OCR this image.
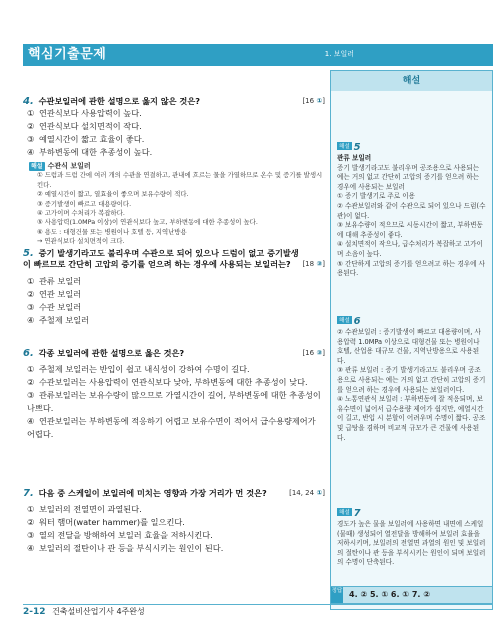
핵심기출문제	1. 보일러
4. 수관보일러에 관한 설명으로 옳지 않은 것은?	[16 ①]
① 연관식보다 사용압력이 높다.
② 연관식보다 설치면적이 작다.
③ 예열시간이 짧고 효율이 좋다.
④ 부하변동에 대한 추종성이 높다.
해설 수관식 보일러
① 드럼과 드럼 간에 여러 개의 수관을 연결하고, 관내에 흐르는 물을 가열하므로 온수 및 증기를 발생시킨다.
② 예열시간이 짧고, 열효율이 좋으며 보유수량이 적다.
③ 증기발생이 빠르고 대용량이다.
④ 고가이며 수처리가 복잡하다.
⑤ 사용압력(1.0MPa 이상)이 연관식보다 높고, 부하변동에 대한 추종성이 높다.
⑥ 용도 : 대형건물 또는 병원이나 호텔 등, 지역난방용
→ 연관식보다 설치면적이 크다.
5. 증기 발생기라고도 불리우며 수관으로 되어 있으나 드럼이 없고 증기발생이 빠르므로 간단히 고압의 증기를 얻으려 하는 경우에 사용되는 보일러는? [18 ③]
① 관류 보일러
② 연관 보일러
③ 수관 보일러
④ 주철제 보일러
6. 각종 보일러에 관한 설명으로 옳은 것은?	[16 ③]
① 주철제 보일러는 반입이 쉽고 내식성이 강하여 수명이 길다.
② 수관보일러는 사용압력이 연관식보다 낮아, 부하변동에 대한 추종성이 낮다.
③ 관류보일러는 보유수량이 많으므로 가열시간이 길어, 부하변동에 대한 추종성이 나쁘다.
④ 연관보일러는 부하변동에 적응하기 어렵고 보유수면이 적어서 급수용량제어가 어렵다.
7. 다음 중 스케일이 보일러에 미치는 영향과 가장 거리가 먼 것은?	[14, 24 ①]
① 보일러의 전열면이 과열된다.
② 워터 햄머(water hammer)를 일으킨다.
③ 열의 전달을 방해하여 보일러 효율을 저하시킨다.
④ 보일러의 절탄이나 관 등을 부식시키는 원인이 된다.
해설
해설 5
관류 보일러
증기 발생기라고도 불리우며 공조용으로 사용되는 예는 거의 없고 간단히 고압의 증기를 얻으려 하는 경우에 사용되는 보일러
① 증기 발생기로 주로 이용
② 수관보일러와 같이 수관으로 되어 있으나 드럼(수관)이 없다.
③ 보유수량이 적으므로 시동시간이 짧고, 부하변동에 대해 추종성이 좋다.
④ 설치면적이 작으나, 급수처리가 복잡하고 고가이며 소음이 높다.
⑤ 간단하게 고압의 증기를 얻으려고 하는 경우에 사용된다.
해설 6
② 수관보일러 : 증기발생이 빠르고 대용량이며, 사용압력 1.0MPa 이상으로 대형건물 또는 병원이나 호텔, 산업용 대규모 건물, 지역난방용으로 사용된다.
③ 관류 보일러 : 증기 발생기라고도 불리우며 공조용으로 사용되는 예는 거의 없고 간단히 고압의 증기를 얻으려 하는 경우에 사용되는 보일러이다.
④ 노통연관식 보일러 : 부하변동에 잘 적응되며, 보유수면이 넓어서 급수용량 제어가 쉽지만, 예열시간이 길고, 반입 시 분할이 어려우며 수명이 짧다. 공조 및 급탕을 겸하며 비교적 규모가 큰 건물에 사용된다.
해설 7
경도가 높은 물을 보일러에 사용하면 내면에 스케일(물때) 생성되어 열전달을 방해하여 보일러 효율을 저하시키며, 보일러의 전열면 과열의 원인 및 보일러의 절탄이나 관 등을 부식시키는 원인이 되며 보일러의 수명이 단축된다.
정답 4. ② 5. ① 6. ① 7. ②
2-12 건축설비산업기사 4주완성
